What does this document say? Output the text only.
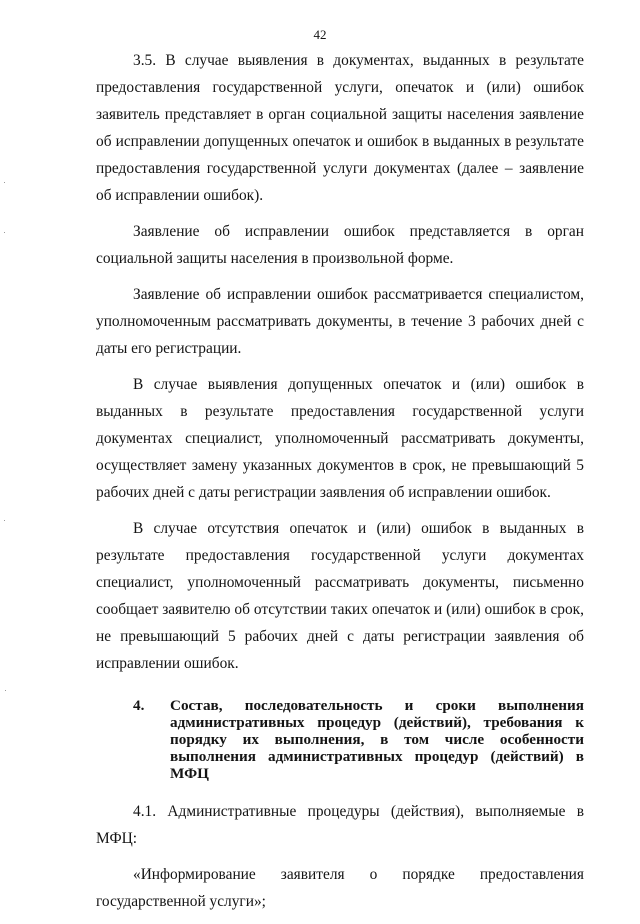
42

3.5. В случае выявления в документах, выданных в результате предоставления государственной услуги, опечаток и (или) ошибок заявитель представляет в орган социальной защиты населения заявление об исправлении допущенных опечаток и ошибок в выданных в результате предоставления государственной услуги документах (далее – заявление об исправлении ошибок).

Заявление об исправлении ошибок представляется в орган социальной защиты населения в произвольной форме.

Заявление об исправлении ошибок рассматривается специалистом, уполномоченным рассматривать документы, в течение 3 рабочих дней с даты его регистрации.

В случае выявления допущенных опечаток и (или) ошибок в выданных в результате предоставления государственной услуги документах специалист, уполномоченный рассматривать документы, осуществляет замену указанных документов в срок, не превышающий 5 рабочих дней с даты регистрации заявления об исправлении ошибок.

В случае отсутствия опечаток и (или) ошибок в выданных в результате предоставления государственной услуги документах специалист, уполномоченный рассматривать документы, письменно сообщает заявителю об отсутствии таких опечаток и (или) ошибок в срок, не превышающий 5 рабочих дней с даты регистрации заявления об исправлении ошибок.

4.	Состав, последовательность и сроки выполнения административных процедур (действий), требования к порядку их выполнения, в том числе особенности выполнения административных процедур (действий) в МФЦ

4.1. Административные процедуры (действия), выполняемые в МФЦ:

«Информирование заявителя о порядке предоставления государственной услуги»;
